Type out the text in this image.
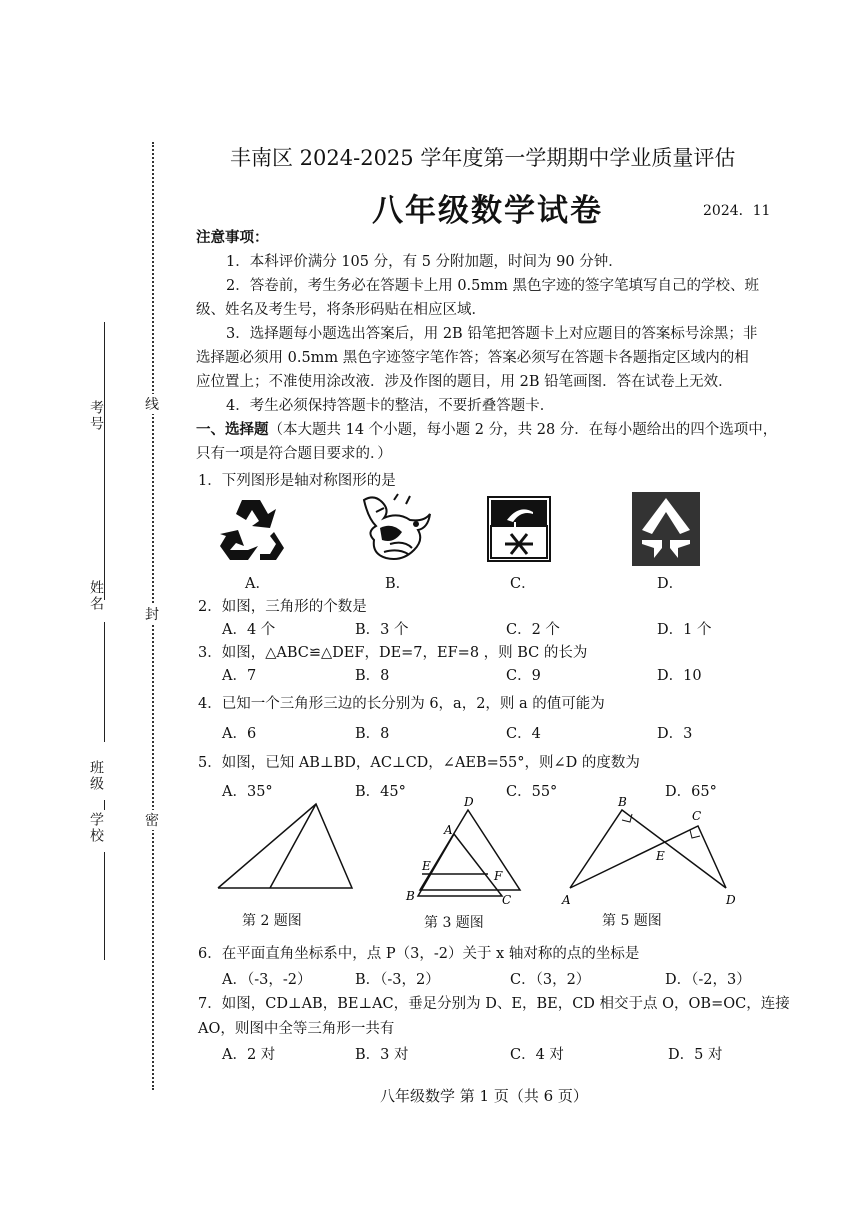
考号
姓名
班级
学校
线
封
密
丰南区 2024-2025 学年度第一学期期中学业质量评估
八年级数学试卷	2024．11
注意事项：
1．本科评价满分 105 分，有 5 分附加题，时间为 90 分钟．
2．答卷前，考生务必在答题卡上用 0.5mm 黑色字迹的签字笔填写自己的学校、班
级、姓名及考生号，将条形码贴在相应区域．
3．选择题每小题选出答案后，用 2B 铅笔把答题卡上对应题目的答案标号涂黑；非
选择题必须用 0.5mm 黑色字迹签字笔作答；答案必须写在答题卡各题指定区域内的相
应位置上；不准使用涂改液．涉及作图的题目，用 2B 铅笔画图．答在试卷上无效．
4．考生必须保持答题卡的整洁，不要折叠答题卡．
一、选择题（本大题共 14 个小题，每小题 2 分，共 28 分．在每小题给出的四个选项中，
只有一项是符合题目要求的．）
1．下列图形是轴对称图形的是
A．	B．	C．	D．
2．如图，三角形的个数是
A．4 个	B．3 个	C．2 个	D．1 个
3．如图，△ABC≌△DEF，DE=7，EF=8 ，则 BC 的长为
A．7	B．8	C．9	D．10
4．已知一个三角形三边的长分别为 6，a，2，则 a 的值可能为
A．6	B．8	C．4	D．3
5．如图，已知 AB⊥BD，AC⊥CD，∠AEB=55°，则∠D 的度数为
A．35°	B．45°	C．55°	D．65°
第 2 题图
D
A
E
F
B	C
第 3 题图
B
C
E
A	D
第 5 题图
6．在平面直角坐标系中，点 P（3，-2）关于 x 轴对称的点的坐标是
A．（-3，-2）	B．（-3，2）	C．（3，2）	D．（-2，3）
7．如图，CD⊥AB，BE⊥AC，垂足分别为 D、E，BE，CD 相交于点 O，OB=OC，连接
AO，则图中全等三角形一共有
A．2 对	B．3 对	C．4 对	D．5 对
八年级数学 第 1 页（共 6 页）
